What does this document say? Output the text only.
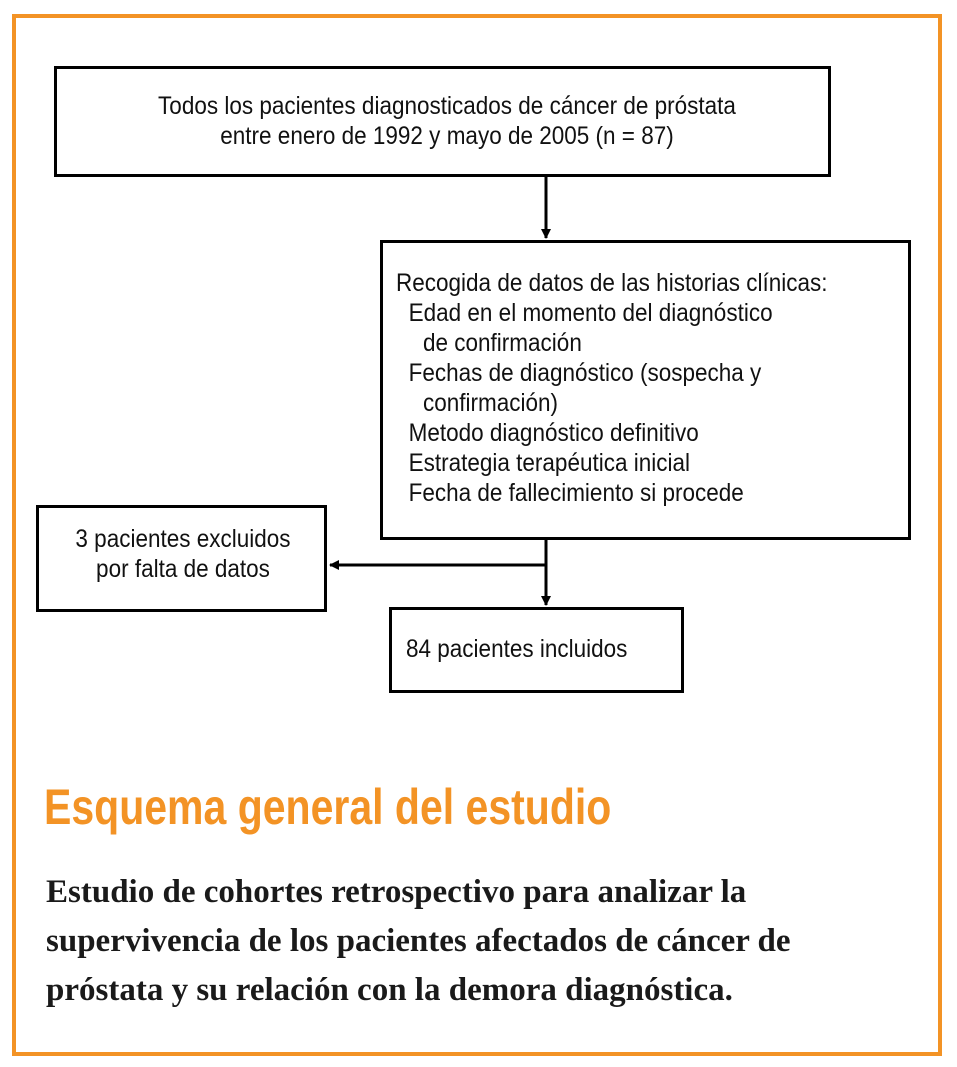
Todos los pacientes diagnosticados de cáncer de próstata
entre enero de 1992 y mayo de 2005 (n = 87)
Recogida de datos de las historias clínicas:
Edad en el momento del diagnóstico
de confirmación
Fechas de diagnóstico (sospecha y
confirmación)
Metodo diagnóstico definitivo
Estrategia terapéutica inicial
Fecha de fallecimiento si procede
3 pacientes excluidos
por falta de datos
84 pacientes incluidos
Esquema general del estudio
Estudio de cohortes retrospectivo para analizar la
supervivencia de los pacientes afectados de cáncer de
próstata y su relación con la demora diagnóstica.
